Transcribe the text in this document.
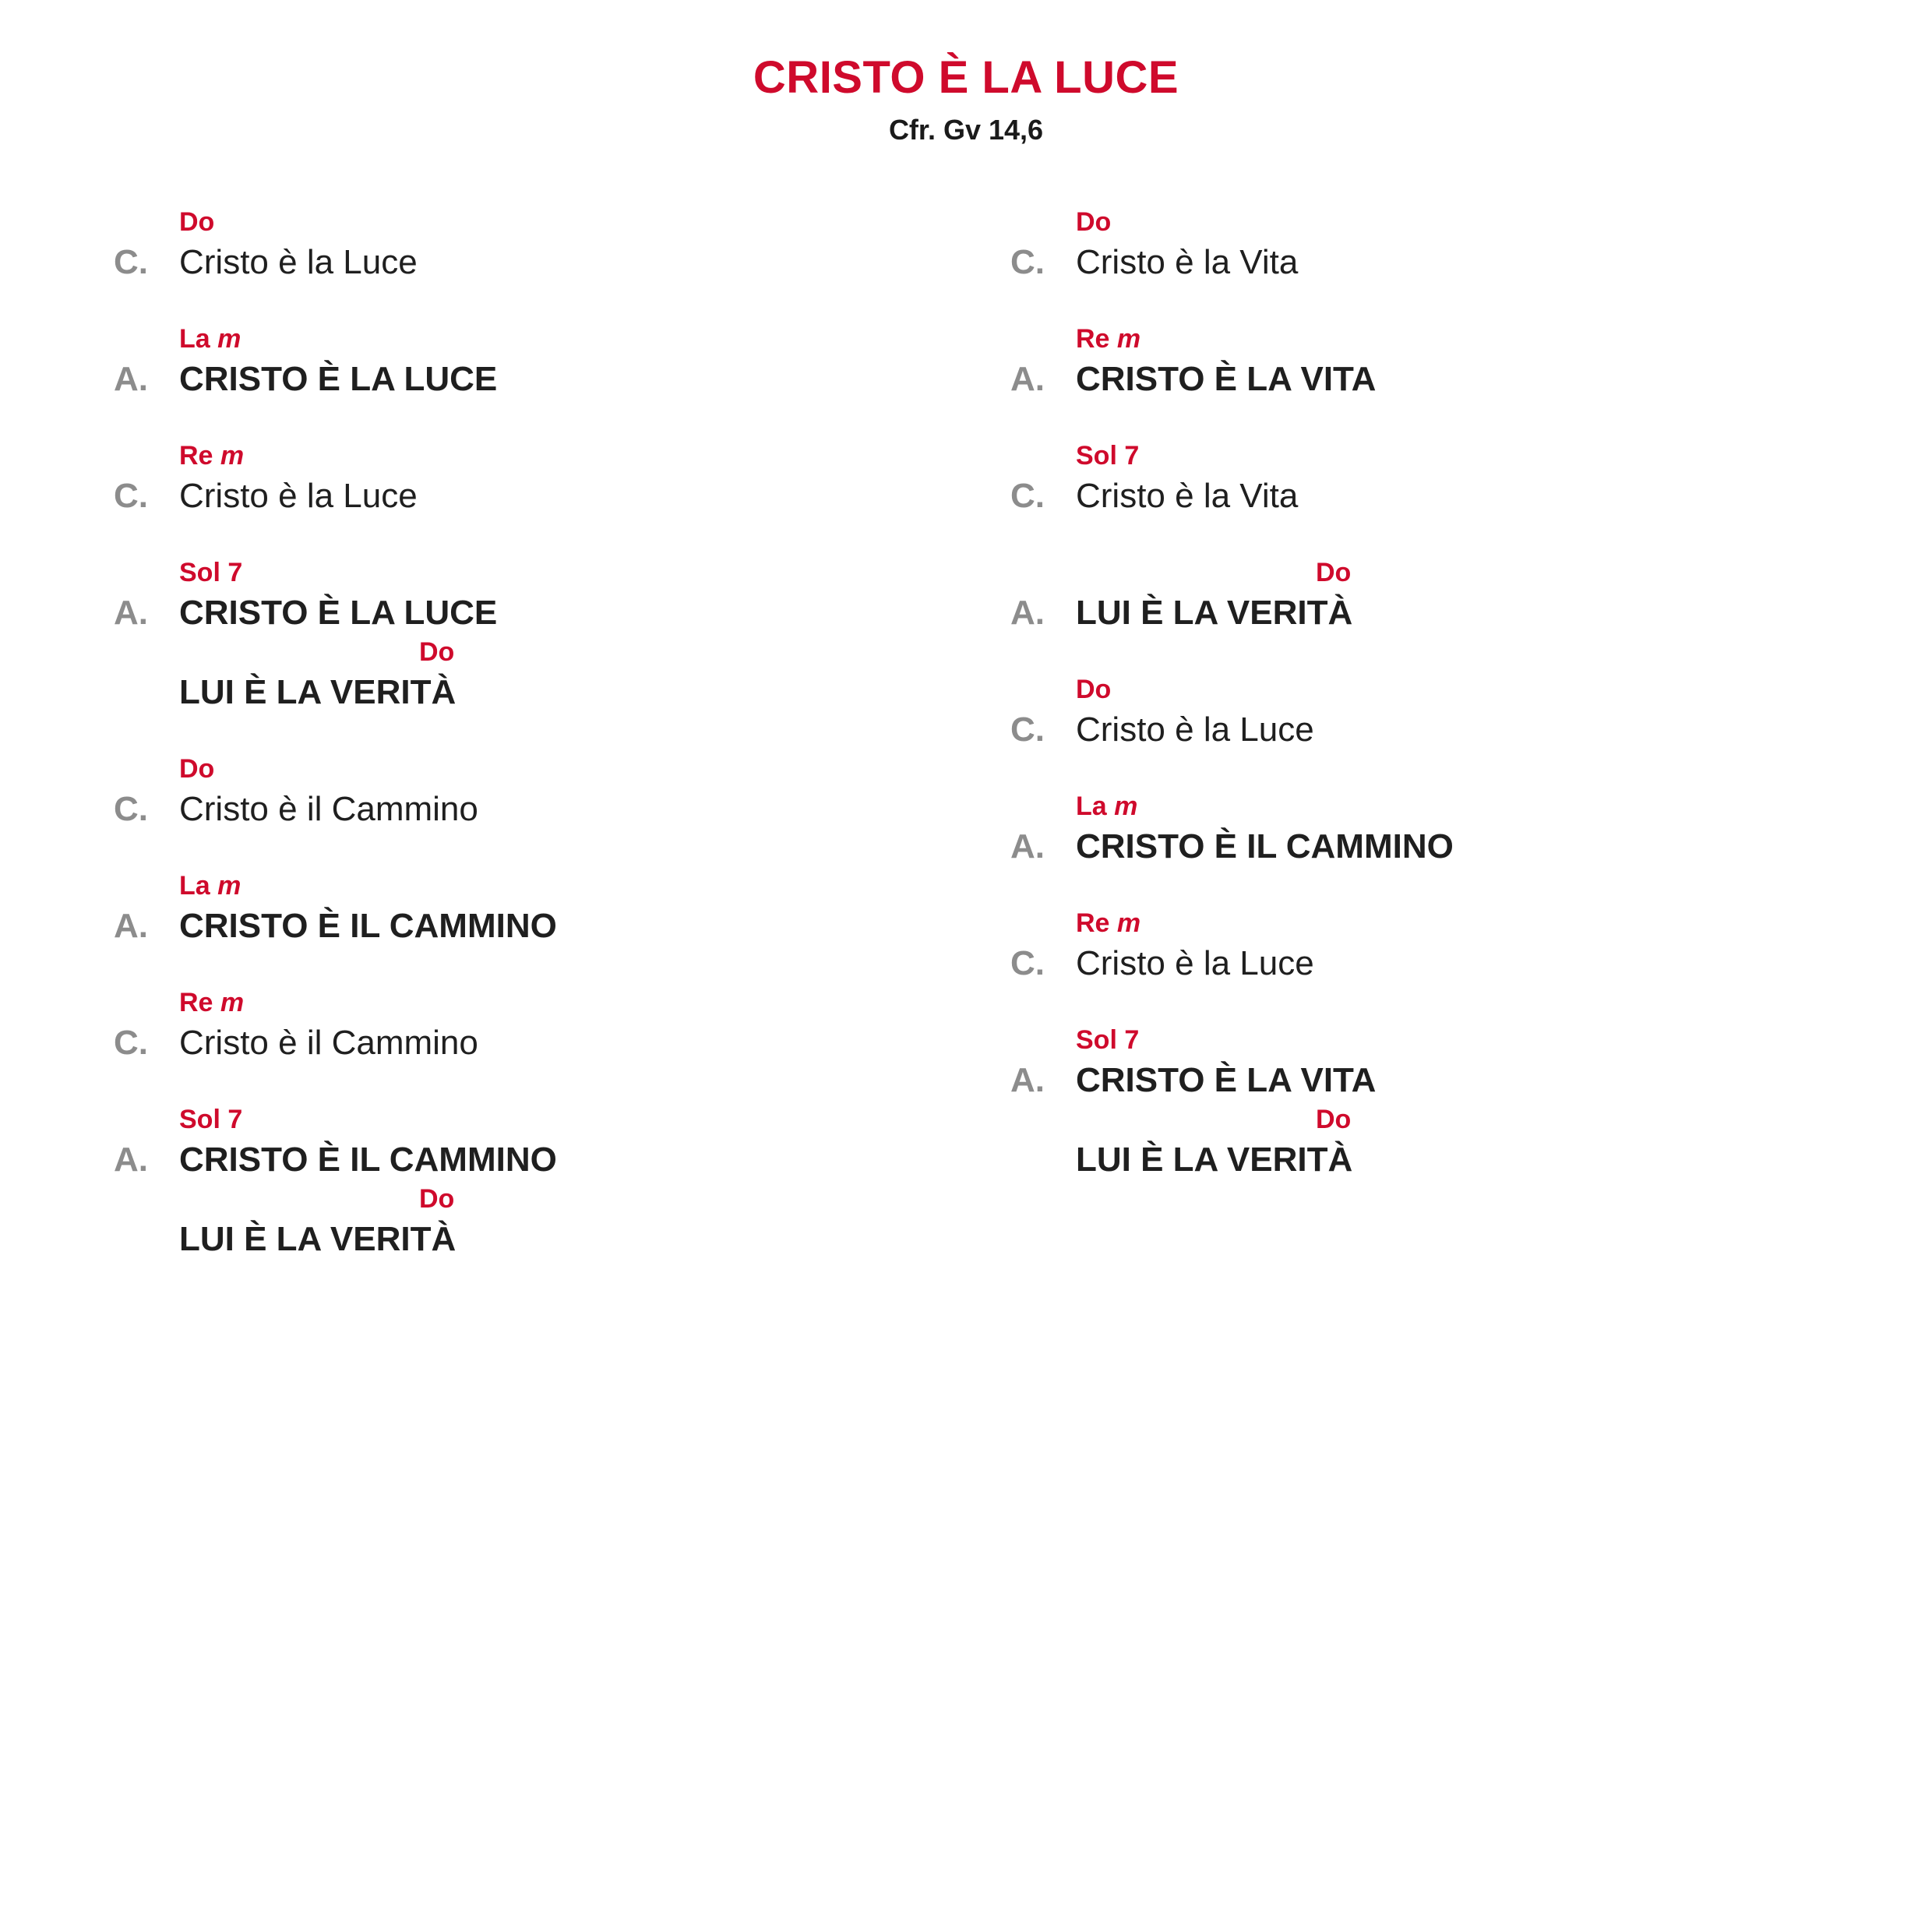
CRISTO È LA LUCE
Cfr. Gv 14,6
Do
C. Cristo è la Luce
La m
A. CRISTO È LA LUCE
Re m
C. Cristo è la Luce
Sol 7
A. CRISTO È LA LUCE
Do
LUI È LA VERITÀ
Do
C. Cristo è il Cammino
La m
A. CRISTO È IL CAMMINO
Re m
C. Cristo è il Cammino
Sol 7
A. CRISTO È IL CAMMINO
Do
LUI È LA VERITÀ
Do
C. Cristo è la Vita
Re m
A. CRISTO È LA VITA
Sol 7
C. Cristo è la Vita
Do
A. LUI È LA VERITÀ
Do
C. Cristo è la Luce
La m
A. CRISTO È IL CAMMINO
Re m
C. Cristo è la Luce
Sol 7
A. CRISTO È LA VITA
Do
LUI È LA VERITÀ
